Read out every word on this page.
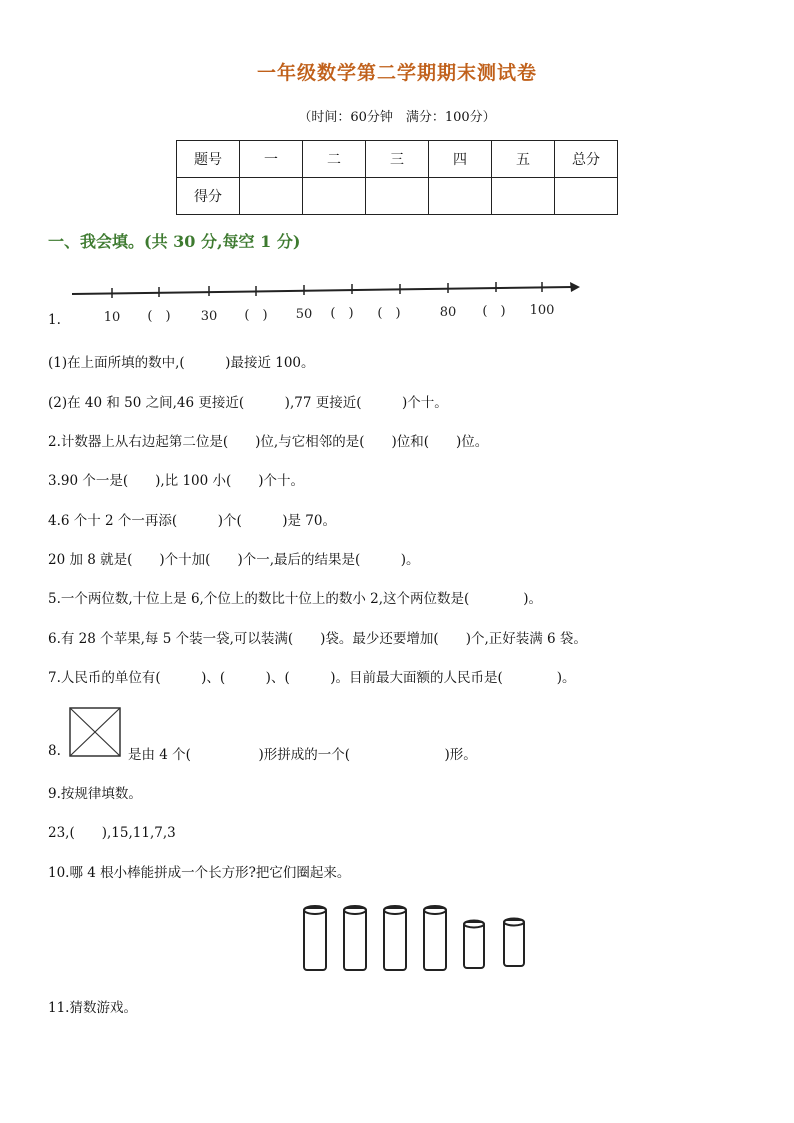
一年级数学第二学期期末测试卷
（时间：60分钟　满分：100分）
题号	一	二	三	四	五	总分
得分						
一、我会填。(共 30 分,每空 1 分)
10 (　) 30 (　) 50 (　) (　)	80 (　) 100
1.
(1)在上面所填的数中,(　　　)最接近 100。
(2)在 40 和 50 之间,46 更接近(　　　),77 更接近(　　　)个十。
2.计数器上从右边起第二位是(　　)位,与它相邻的是(　　)位和(　　)位。
3.90 个一是(　　),比 100 小(　　)个十。
4.6 个十 2 个一再添(　　　)个(　　　)是 70。
20 加 8 就是(　　)个十加(　　)个一,最后的结果是(　　　)。
5.一个两位数,十位上是 6,个位上的数比十位上的数小 2,这个两位数是(　　　　)。
6.有 28 个苹果,每 5 个装一袋,可以装满(　　)袋。最少还要增加(　　)个,正好装满 6 袋。
7.人民币的单位有(　　　)、(　　　)、(　　　)。目前最大面额的人民币是(　　　　)。
8.	是由 4 个(　　　　　)形拼成的一个(　　　　　　　)形。
9.按规律填数。
23,(　　),15,11,7,3
10.哪 4 根小棒能拼成一个长方形?把它们圈起来。
11.猜数游戏。
